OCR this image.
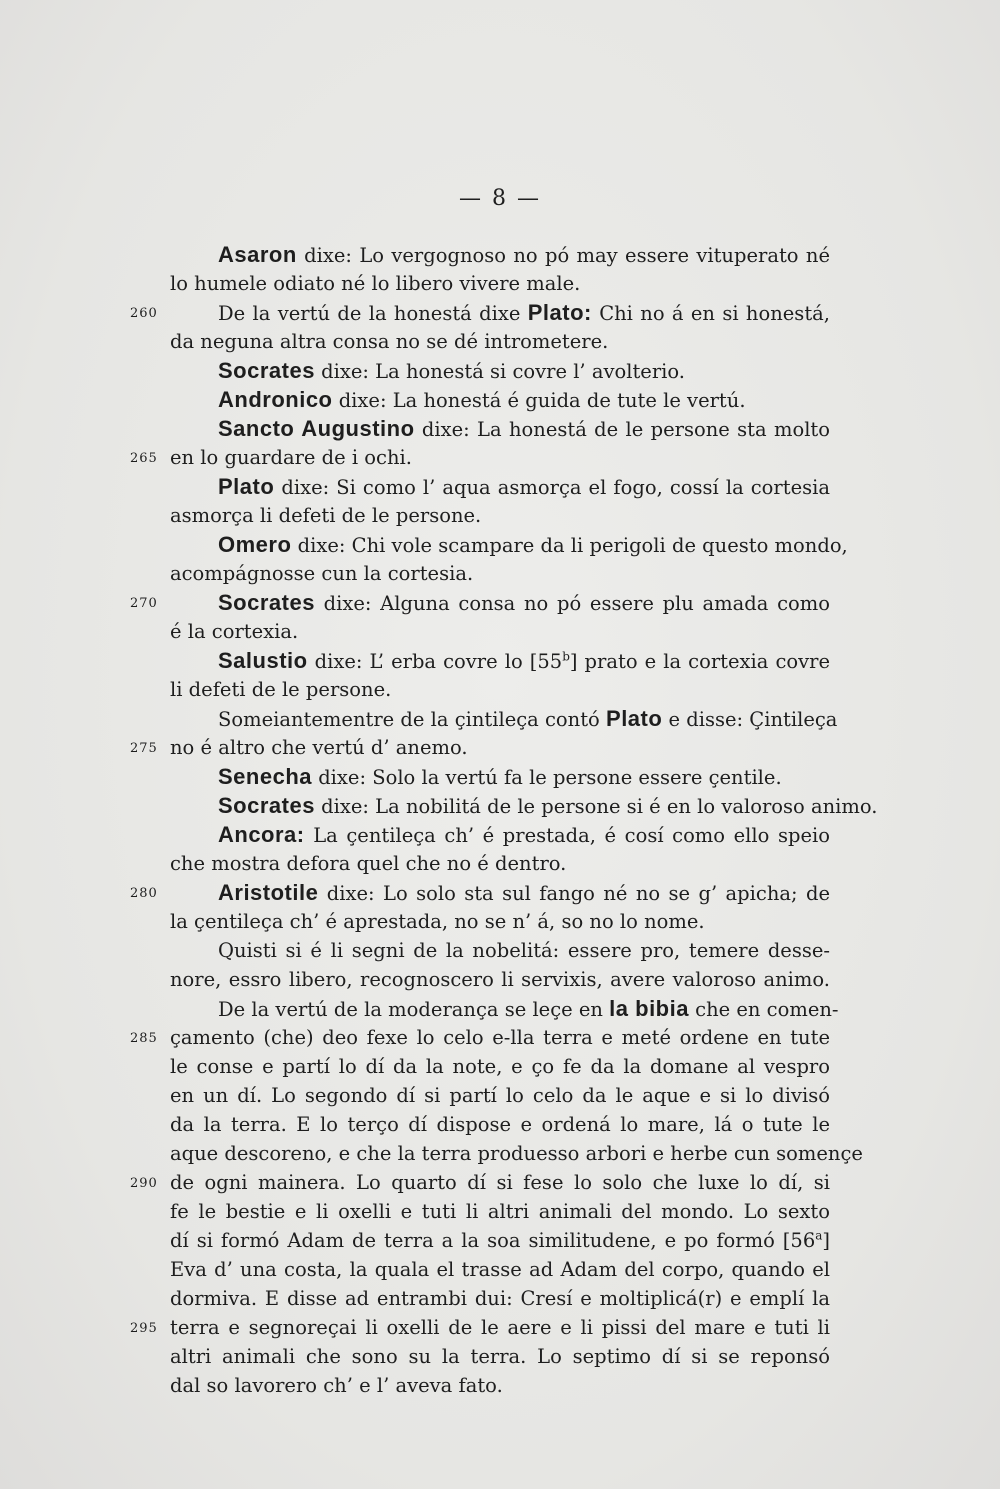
— 8 —
Asaron dixe: Lo vergognoso no pó may essere vituperato né
lo humele odiato né lo libero vivere male.
260	De la vertú de la honestá dixe Plato: Chi no á en si honestá,
da neguna altra consa no se dé intrometere.
Socrates dixe: La honestá si covre l’ avolterio.
Andronico dixe: La honestá é guida de tute le vertú.
Sancto Augustino dixe: La honestá de le persone sta molto
265 en lo guardare de i ochi.
Plato dixe: Si como l’ aqua asmorça el fogo, cossí la cortesia
asmorça li defeti de le persone.
Omero dixe: Chi vole scampare da li perigoli de questo mondo,
acompágnosse cun la cortesia.
270	Socrates dixe: Alguna consa no pó essere plu amada como
é la cortexia.
Salustio dixe: L’ erba covre lo [55$^b$] prato e la cortexia covre
li defeti de le persone.
Someiantementre de la çintileça contó Plato e disse: Çintileça
275 no é altro che vertú d’ anemo.
Senecha dixe: Solo la vertú fa le persone essere çentile.
Socrates dixe: La nobilitá de le persone si é en lo valoroso animo.
Ancora: La çentileça ch’ é prestada, é cosí como ello speio
che mostra defora quel che no é dentro.
280	Aristotile dixe: Lo solo sta sul fango né no se g’ apicha; de
la çentileça ch’ é aprestada, no se n’ á, so no lo nome.
Quisti si é li segni de la nobelitá: essere pro, temere desse-
nore, essro libero, recognoscero li servixis, avere valoroso animo.
De la vertú de la moderança se leçe en la bibia che en comen-
285 çamento (che) deo fexe lo celo e-lla terra e meté ordene en tute
le conse e partí lo dí da la note, e ço fe da la domane al vespro
en un dí. Lo segondo dí si partí lo celo da le aque e si lo divisó
da la terra. E lo terço dí dispose e ordená lo mare, lá o tute le
aque descoreno, e che la terra produesso arbori e herbe cun somençe
290 de ogni mainera. Lo quarto dí si fese lo solo che luxe lo dí, si
fe le bestie e li oxelli e tuti li altri animali del mondo. Lo sexto
dí si formó Adam de terra a la soa similitudene, e po formó [56$^a$]
Eva d’ una costa, la quala el trasse ad Adam del corpo, quando el
dormiva. E disse ad entrambi dui: Cresí e moltiplicá(r) e emplí la
295 terra e segnoreçai li oxelli de le aere e li pissi del mare e tuti li
altri animali che sono su la terra. Lo septimo dí si se reponsó
dal so lavorero ch’ e l’ aveva fato.
